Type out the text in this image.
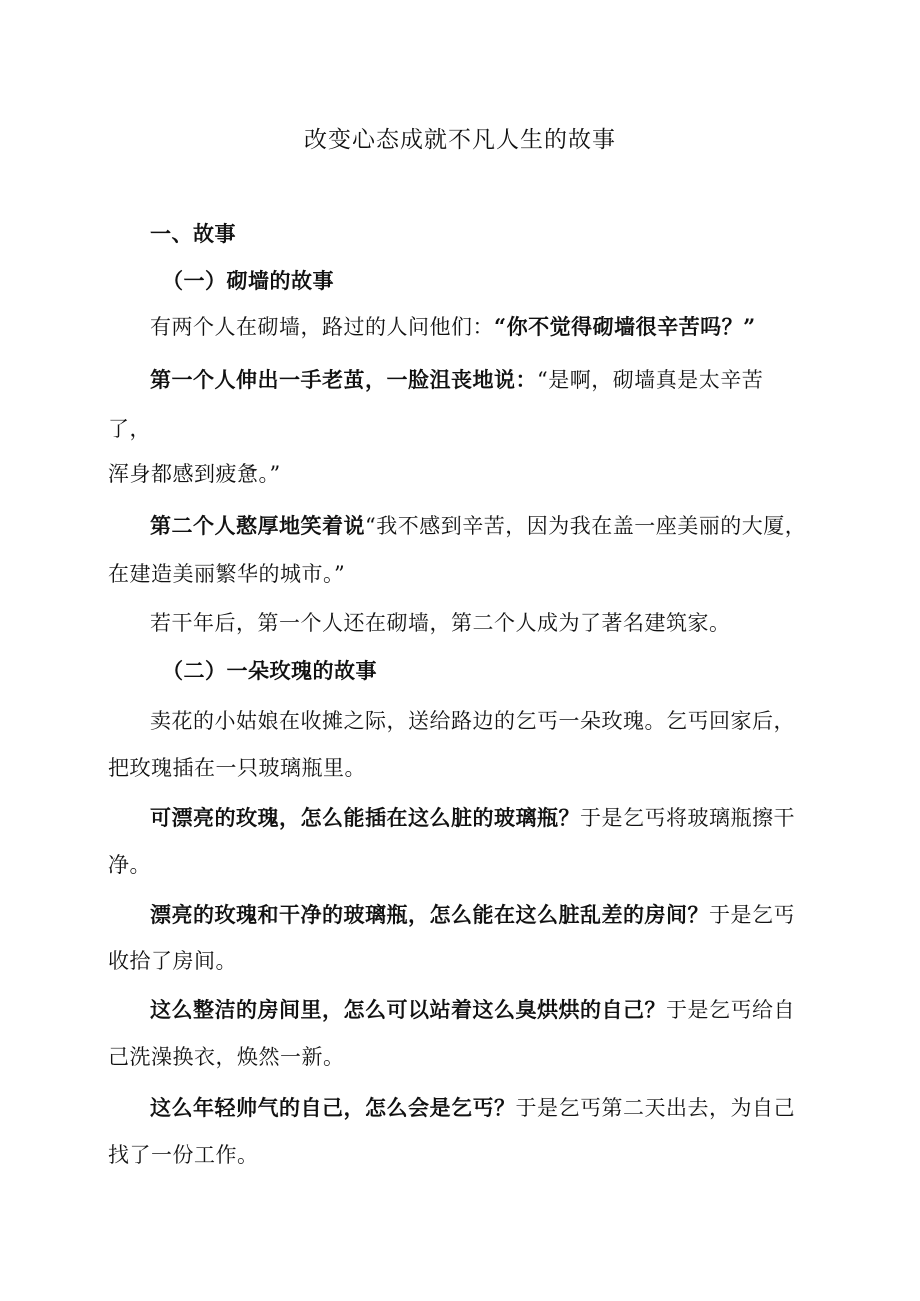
改变心态成就不凡人生的故事
一、故事
（一）砌墙的故事
有两个人在砌墙，路过的人问他们：“你不觉得砌墙很辛苦吗？”
第一个人伸出一手老茧，一脸沮丧地说：“是啊，砌墙真是太辛苦
了，
浑身都感到疲惫。”
第二个人憨厚地笑着说“我不感到辛苦，因为我在盖一座美丽的大厦，
在建造美丽繁华的城市。”
若干年后，第一个人还在砌墙，第二个人成为了著名建筑家。
（二）一朵玫瑰的故事
卖花的小姑娘在收摊之际，送给路边的乞丐一朵玫瑰。乞丐回家后，
把玫瑰插在一只玻璃瓶里。
可漂亮的玫瑰，怎么能插在这么脏的玻璃瓶？于是乞丐将玻璃瓶擦干
净。
漂亮的玫瑰和干净的玻璃瓶，怎么能在这么脏乱差的房间？于是乞丐
收拾了房间。
这么整洁的房间里，怎么可以站着这么臭烘烘的自己？于是乞丐给自
己洗澡换衣，焕然一新。
这么年轻帅气的自己，怎么会是乞丐？于是乞丐第二天出去，为自己
找了一份工作。
